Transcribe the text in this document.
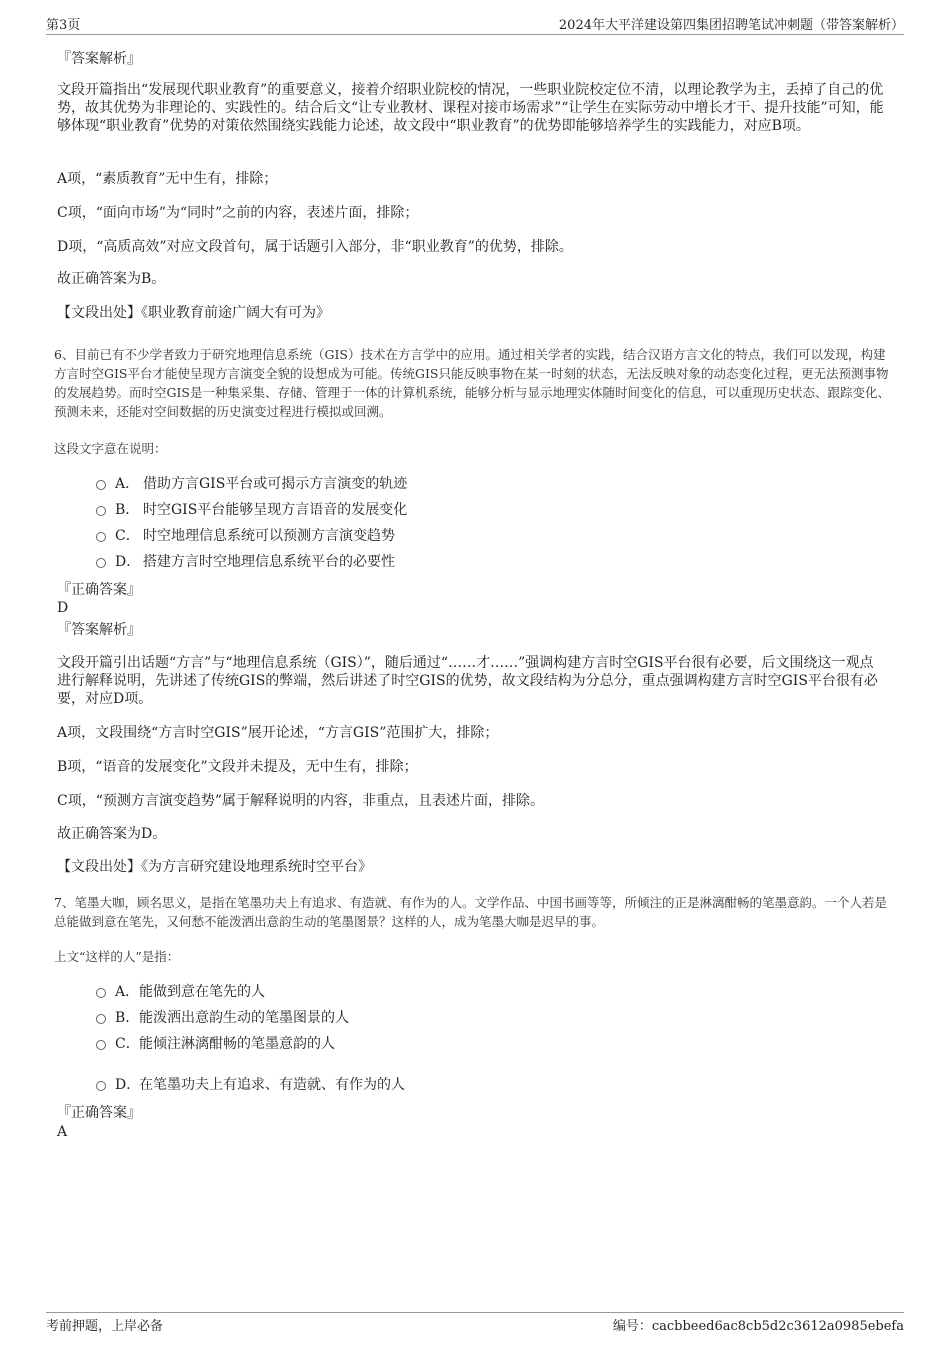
第3页	2024年大平洋建设第四集团招聘笔试冲刺题（带答案解析）
『答案解析』
文段开篇指出“发展现代职业教育”的重要意义，接着介绍职业院校的情况，一些职业院校定位不清，以理论教学为主，丢掉了自己的优势，故其优势为非理论的、实践性的。结合后文“让专业教材、课程对接市场需求”“让学生在实际劳动中增长才干、提升技能”可知，能够体现“职业教育”优势的对策依然围绕实践能力论述，故文段中“职业教育”的优势即能够培养学生的实践能力，对应B项。
A项，“素质教育”无中生有，排除；
C项，“面向市场”为“同时”之前的内容，表述片面，排除；
D项，“高质高效”对应文段首句，属于话题引入部分，非“职业教育”的优势，排除。
故正确答案为B。
【文段出处】《职业教育前途广阔大有可为》
6、目前已有不少学者致力于研究地理信息系统（GIS）技术在方言学中的应用。通过相关学者的实践，结合汉语方言文化的特点，我们可以发现，构建方言时空GIS平台才能使呈现方言演变全貌的设想成为可能。传统GIS只能反映事物在某一时刻的状态，无法反映对象的动态变化过程，更无法预测事物的发展趋势。而时空GIS是一种集采集、存储、管理于一体的计算机系统，能够分析与显示地理实体随时间变化的信息，可以重现历史状态、跟踪变化、预测未来，还能对空间数据的历史演变过程进行模拟或回溯。
这段文字意在说明：
A． 借助方言GIS平台或可揭示方言演变的轨迹
B． 时空GIS平台能够呈现方言语音的发展变化
C． 时空地理信息系统可以预测方言演变趋势
D． 搭建方言时空地理信息系统平台的必要性
『正确答案』
D
『答案解析』
文段开篇引出话题“方言”与“地理信息系统（GIS）”，随后通过“……才……”强调构建方言时空GIS平台很有必要，后文围绕这一观点进行解释说明，先讲述了传统GIS的弊端，然后讲述了时空GIS的优势，故文段结构为分总分，重点强调构建方言时空GIS平台很有必要，对应D项。
A项，文段围绕“方言时空GIS”展开论述，“方言GIS”范围扩大，排除；
B项，“语音的发展变化”文段并未提及，无中生有，排除；
C项，“预测方言演变趋势”属于解释说明的内容，非重点，且表述片面，排除。
故正确答案为D。
【文段出处】《为方言研究建设地理系统时空平台》
7、笔墨大咖，顾名思义，是指在笔墨功夫上有追求、有造就、有作为的人。文学作品、中国书画等等，所倾注的正是淋漓酣畅的笔墨意韵。一个人若是总能做到意在笔先，又何愁不能泼洒出意韵生动的笔墨图景？这样的人，成为笔墨大咖是迟早的事。
上文“这样的人”是指：
A．能做到意在笔先的人
B．能泼洒出意韵生动的笔墨图景的人
C．能倾注淋漓酣畅的笔墨意韵的人
D．在笔墨功夫上有追求、有造就、有作为的人
『正确答案』
A
考前押题，上岸必备	编号：cacbbeed6ac8cb5d2c3612a0985ebefa
